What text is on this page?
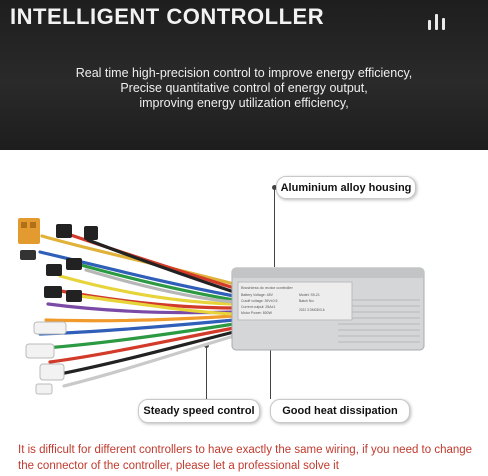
INTELLIGENT CONTROLLER
Real time high-precision control to improve energy efficiency,
Precise quantitative control of energy output,
improving energy utilization efficiency,
Brushless dc motor controller
Battery Voltage: 48V
Cutoff voltage: 39V±0.5
Current output: 25A±1
Motor Power: 800W
Model: S9-21
Batch No:
2022 3 DM0303-6
Aluminium alloy housing
Steady speed control	Good heat dissipation
It is difficult for different controllers to have exactly the same wiring, if you need to change the connector of the controller, please let a professional solve it
